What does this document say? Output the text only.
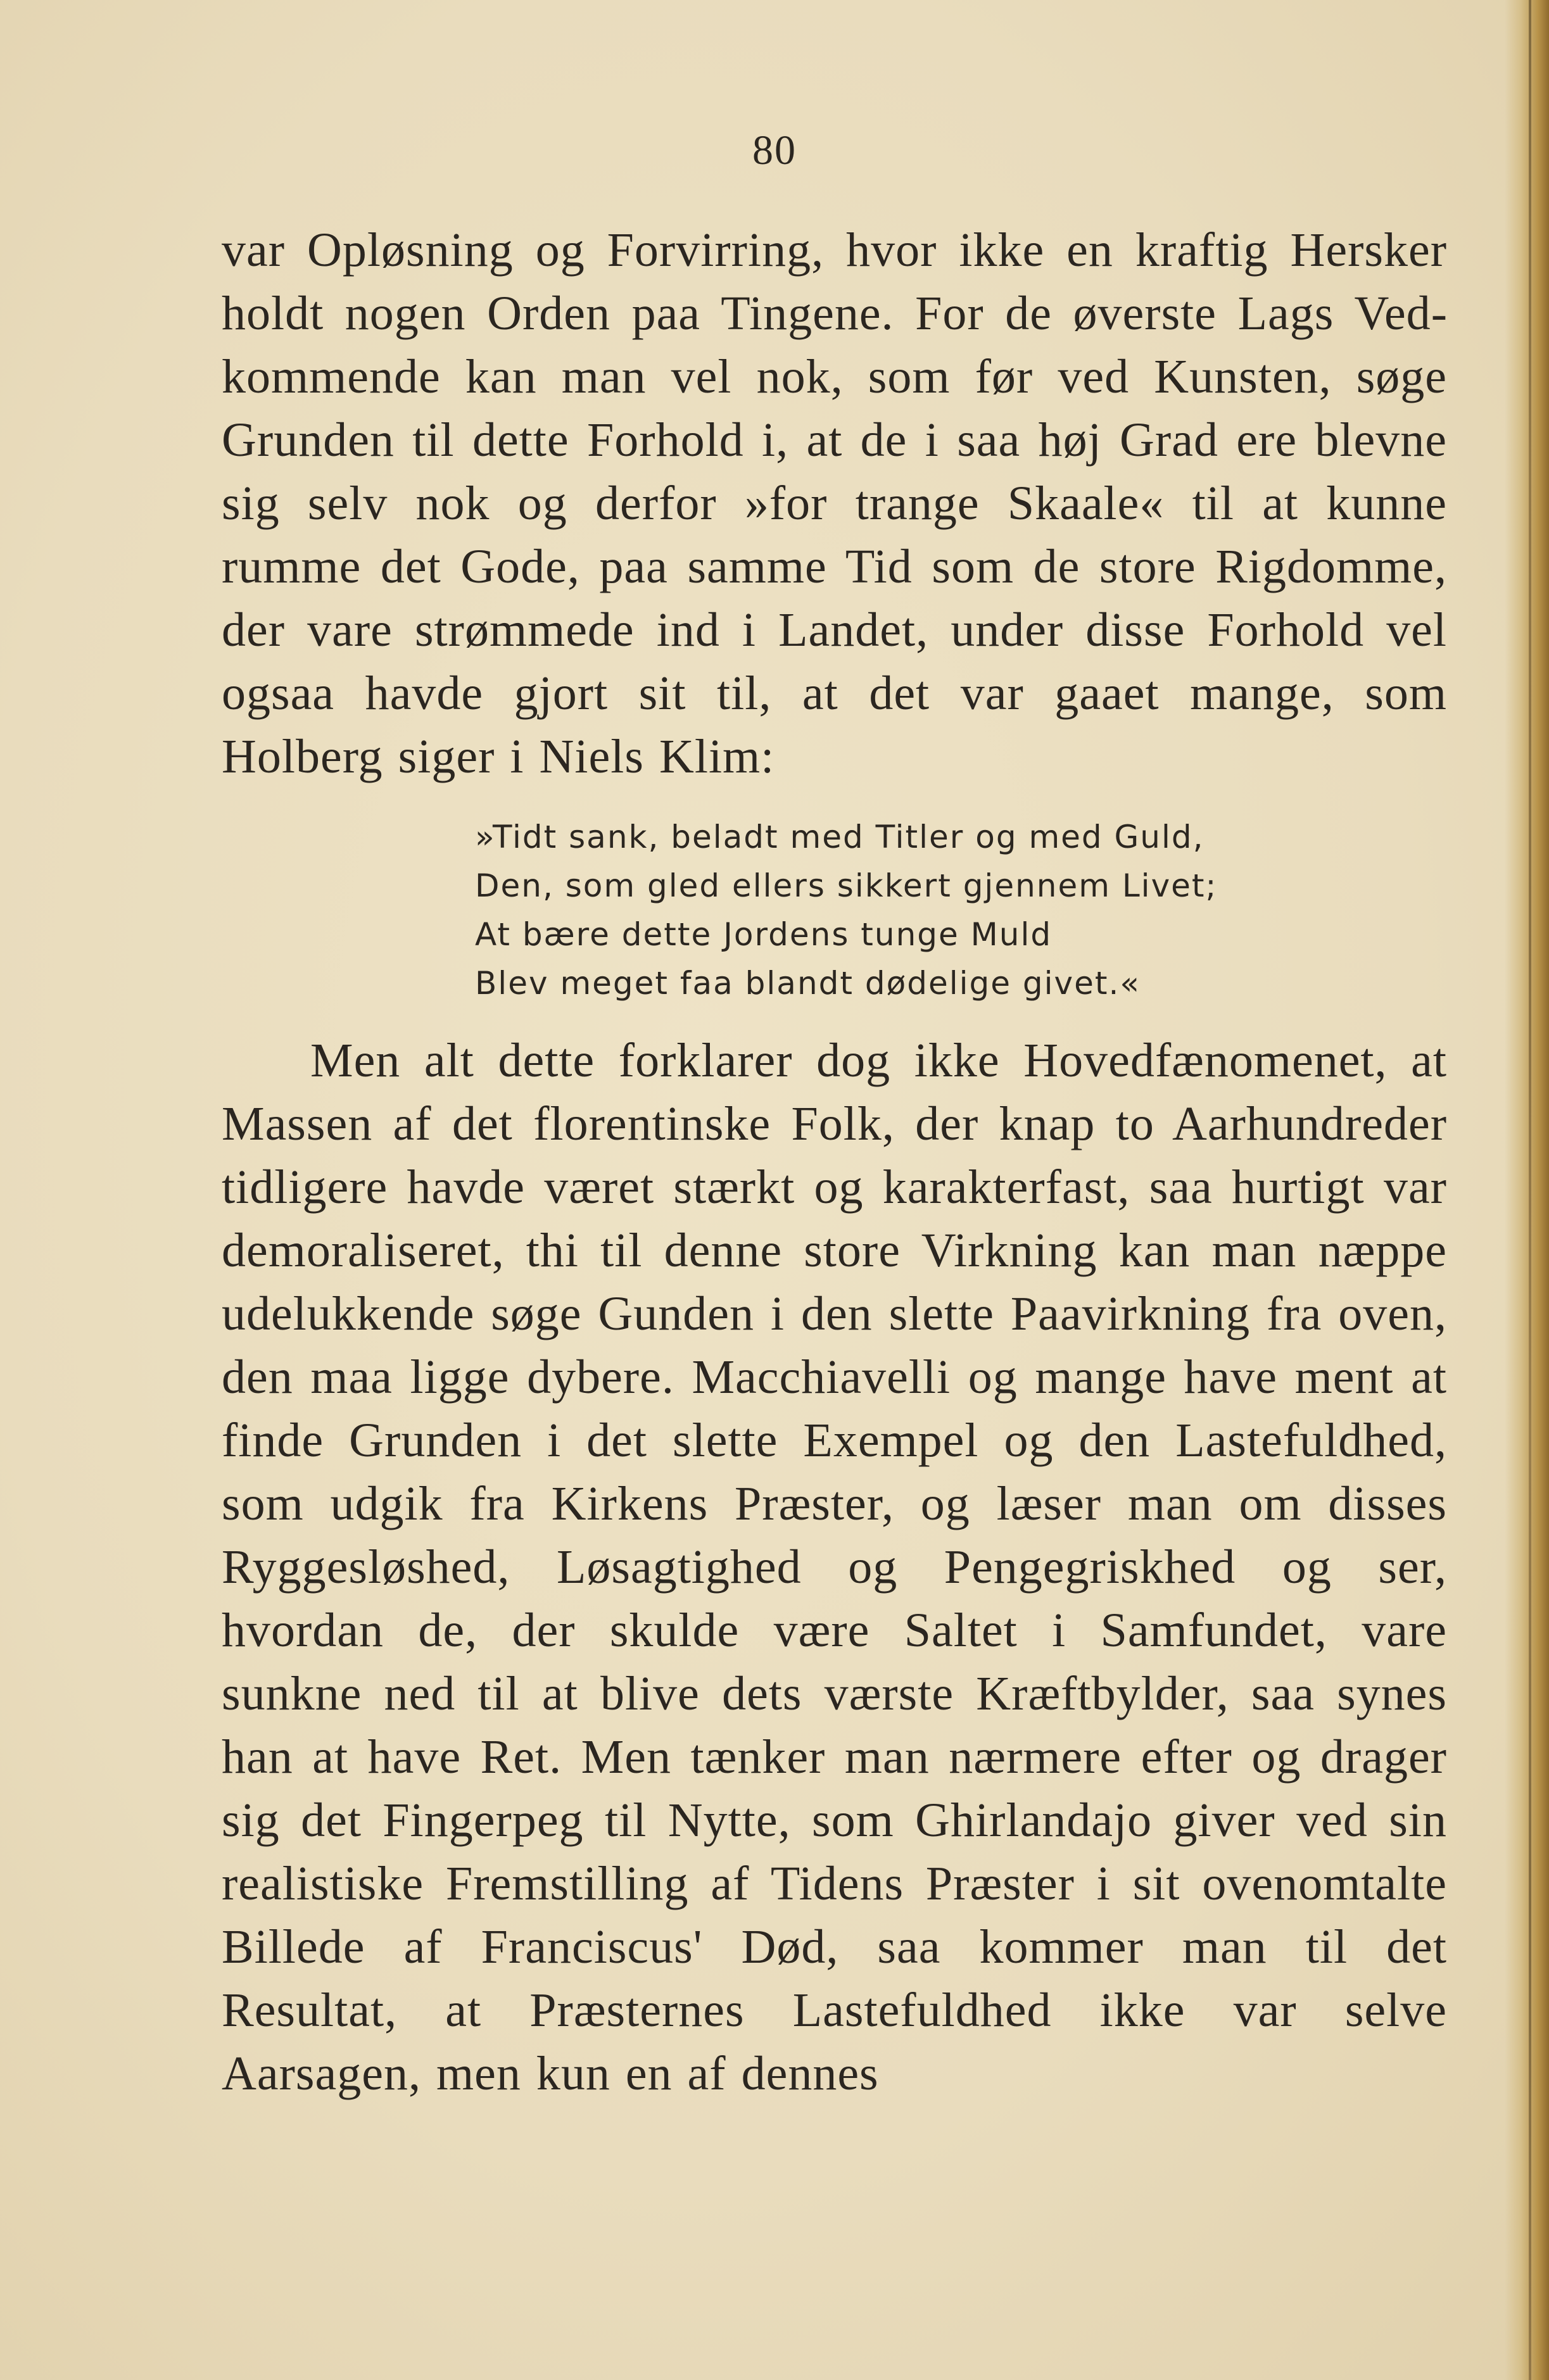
80
var Opløsning og Forvirring, hvor ikke en kraftig Hersker holdt nogen Orden paa Tingene. For de øverste Lags Vedkommende kan man vel nok, som før ved Kunsten, søge Grunden til dette Forhold i, at de i saa høj Grad ere blevne sig selv nok og derfor »for trange Skaale« til at kunne rumme det Gode, paa samme Tid som de store Rigdomme, der vare strømmede ind i Landet, under disse Forhold vel ogsaa havde gjort sit til, at det var gaaet mange, som Holberg siger i Niels Klim:
»Tidt sank, beladt med Titler og med Guld,
Den, som gled ellers sikkert gjennem Livet;
At bære dette Jordens tunge Muld
Blev meget faa blandt dødelige givet.«
Men alt dette forklarer dog ikke Hovedfænomenet, at Massen af det florentinske Folk, der knap to Aarhundreder tidligere havde været stærkt og karakterfast, saa hurtigt var demoraliseret, thi til denne store Virkning kan man næppe udelukkende søge Gunden i den slette Paavirkning fra oven, den maa ligge dybere. Macchiavelli og mange have ment at finde Grunden i det slette Exempel og den Lastefuldhed, som udgik fra Kirkens Præster, og læser man om disses Ryggesløshed, Løsagtighed og Pengegriskhed og ser, hvordan de, der skulde være Saltet i Samfundet, vare sunkne ned til at blive dets værste Kræftbylder, saa synes han at have Ret. Men tænker man nærmere efter og drager sig det Fingerpeg til Nytte, som Ghirlandajo giver ved sin realistiske Fremstilling af Tidens Præster i sit ovenomtalte Billede af Franciscus' Død, saa kommer man til det Resultat, at Præsternes Lastefuldhed ikke var selve Aarsagen, men kun en af dennes
